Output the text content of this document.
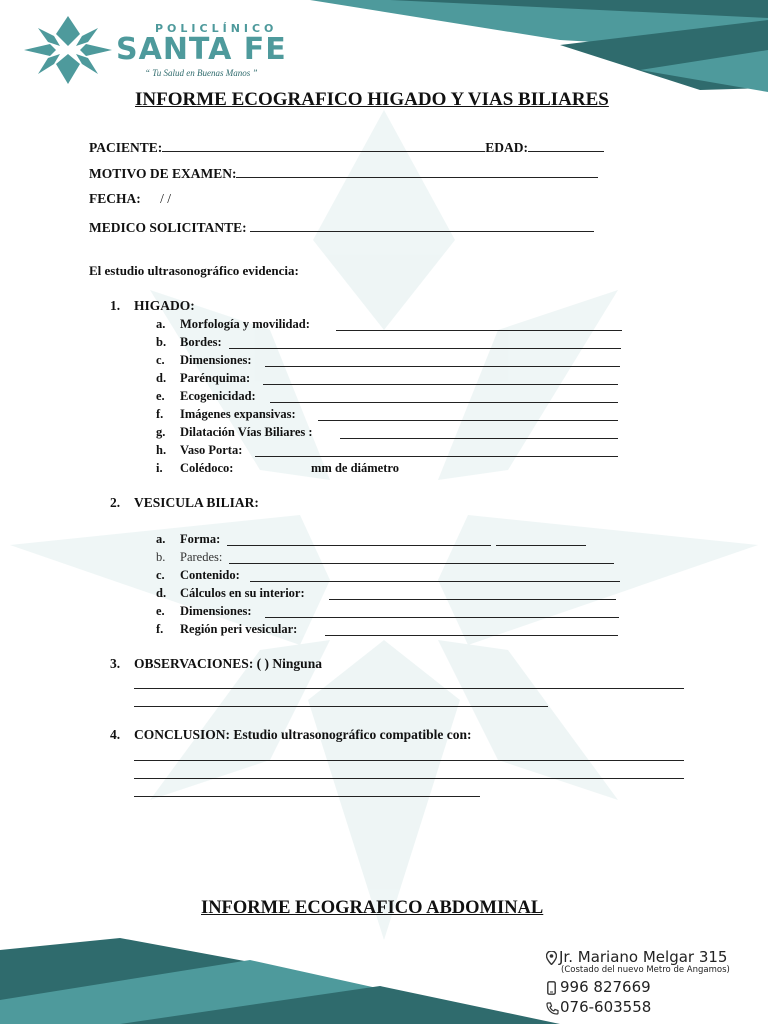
POLICLÍNICO
SANTA FE
“ Tu Salud en Buenas Manos ”
INFORME ECOGRAFICO HIGADO Y VIAS BILIARES
PACIENTE:	EDAD:
MOTIVO DE EXAMEN:
FECHA: / /
MEDICO SOLICITANTE:
El estudio ultrasonográfico evidencia:
1. HIGADO:
a. Morfología y movilidad:
b. Bordes:
c. Dimensiones:
d. Parénquima:
e. Ecogenicidad:
f. Imágenes expansivas:
g. Dilatación Vías Biliares :
h. Vaso Porta:
i. Colédoco:	mm de diámetro
2. VESICULA BILIAR:
a. Forma:
b. Paredes:
c. Contenido:
d. Cálculos en su interior:
e. Dimensiones:
f. Región peri vesicular:
3. OBSERVACIONES: ( ) Ninguna
4. CONCLUSION: Estudio ultrasonográfico compatible con:
INFORME ECOGRAFICO ABDOMINAL
Jr. Mariano Melgar 315
(Costado del nuevo Metro de Angamos)
996 827669
076-603558
